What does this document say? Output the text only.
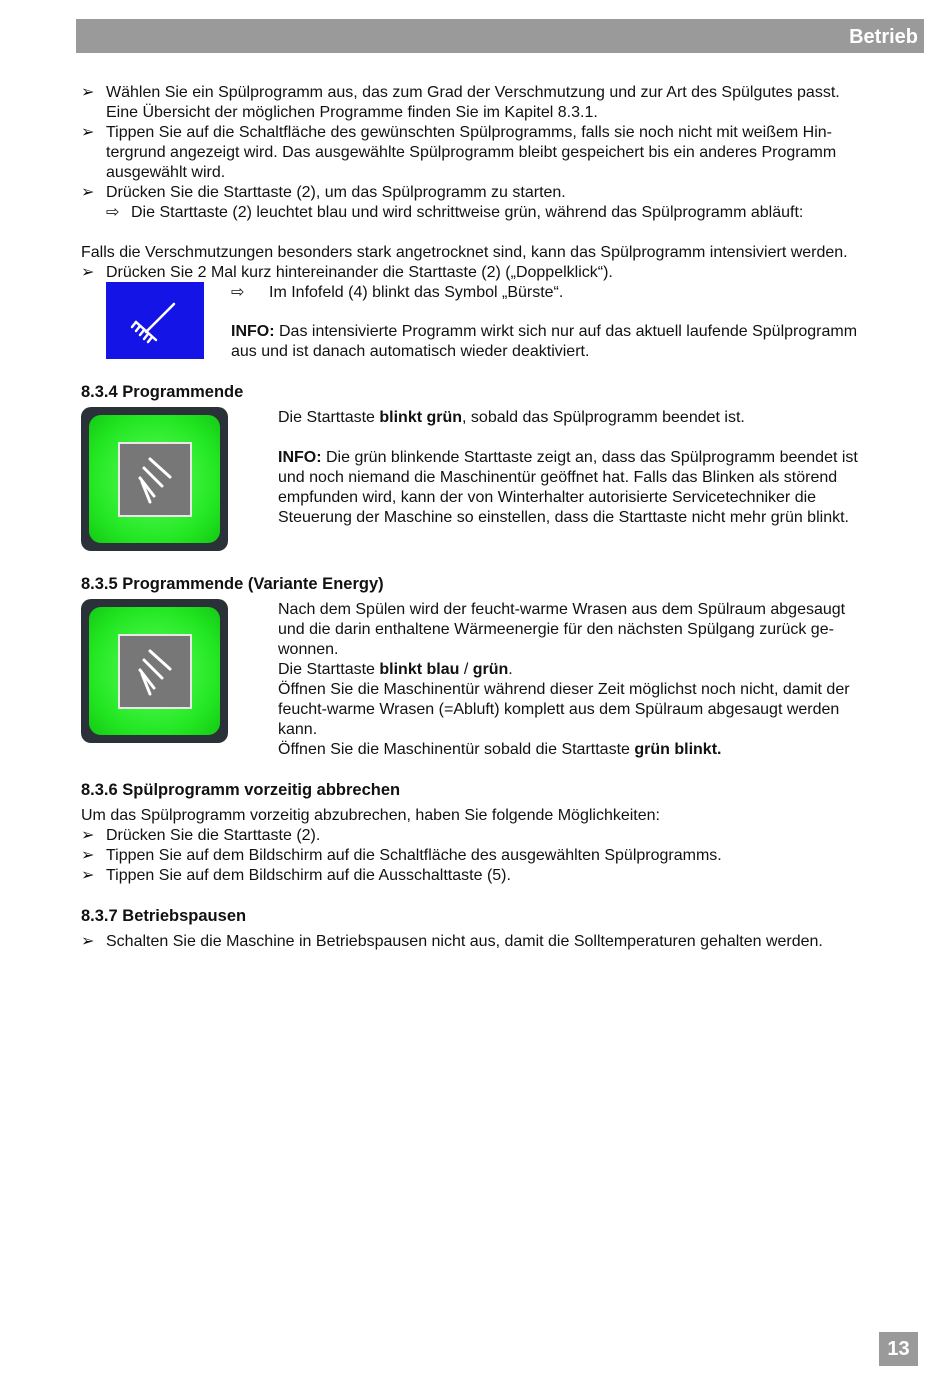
Betrieb
➢ Wählen Sie ein Spülprogramm aus, das zum Grad der Verschmutzung und zur Art des Spülgutes passt.
Eine Übersicht der möglichen Programme finden Sie im Kapitel 8.3.1.
➢ Tippen Sie auf die Schaltfläche des gewünschten Spülprogramms, falls sie noch nicht mit weißem Hin-
tergrund angezeigt wird. Das ausgewählte Spülprogramm bleibt gespeichert bis ein anderes Programm
ausgewählt wird.
➢ Drücken Sie die Starttaste (2), um das Spülprogramm zu starten.
⇨ Die Starttaste (2) leuchtet blau und wird schrittweise grün, während das Spülprogramm abläuft:
Falls die Verschmutzungen besonders stark angetrocknet sind, kann das Spülprogramm intensiviert werden.
➢ Drücken Sie 2 Mal kurz hintereinander die Starttaste (2) („Doppelklick“).
⇨ Im Infofeld (4) blinkt das Symbol „Bürste“.
INFO: Das intensivierte Programm wirkt sich nur auf das aktuell laufende Spülprogramm
aus und ist danach automatisch wieder deaktiviert.
8.3.4 Programmende
Die Starttaste blinkt grün, sobald das Spülprogramm beendet ist.
INFO: Die grün blinkende Starttaste zeigt an, dass das Spülprogramm beendet ist
und noch niemand die Maschinentür geöffnet hat. Falls das Blinken als störend
empfunden wird, kann der von Winterhalter autorisierte Servicetechniker die
Steuerung der Maschine so einstellen, dass die Starttaste nicht mehr grün blinkt.
8.3.5 Programmende (Variante Energy)
Nach dem Spülen wird der feucht-warme Wrasen aus dem Spülraum abgesaugt
und die darin enthaltene Wärmeenergie für den nächsten Spülgang zurück ge-
wonnen.
Die Starttaste blinkt blau / grün.
Öffnen Sie die Maschinentür während dieser Zeit möglichst noch nicht, damit der
feucht-warme Wrasen (=Abluft) komplett aus dem Spülraum abgesaugt werden
kann.
Öffnen Sie die Maschinentür sobald die Starttaste grün blinkt.
8.3.6 Spülprogramm vorzeitig abbrechen
Um das Spülprogramm vorzeitig abzubrechen, haben Sie folgende Möglichkeiten:
➢ Drücken Sie die Starttaste (2).
➢ Tippen Sie auf dem Bildschirm auf die Schaltfläche des ausgewählten Spülprogramms.
➢ Tippen Sie auf dem Bildschirm auf die Ausschalttaste (5).
8.3.7 Betriebspausen
➢ Schalten Sie die Maschine in Betriebspausen nicht aus, damit die Solltemperaturen gehalten werden.
13
